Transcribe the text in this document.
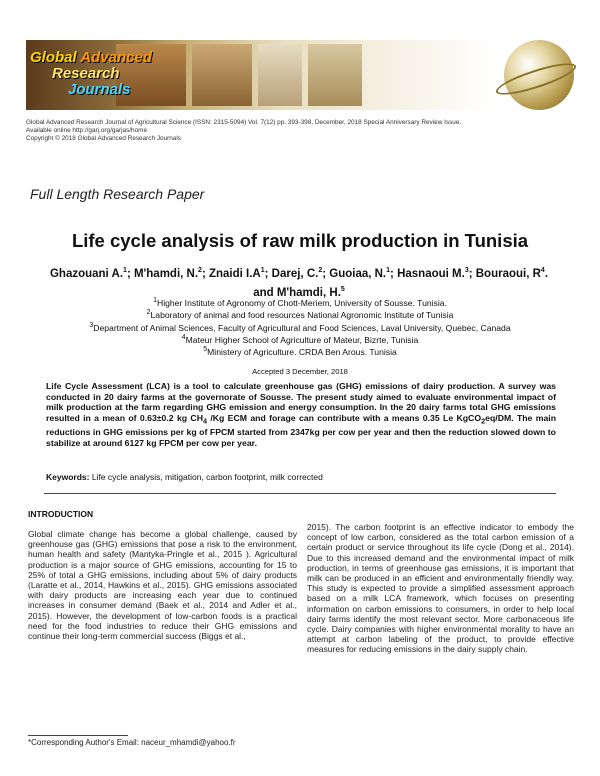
Global Advanced
Research
Journals
Global Advanced Research Journal of Agricultural Science (ISSN: 2315-5094) Vol. 7(12) pp. 393-398, December, 2018 Special Anniversary Review Issue.
Available online http://garj.org/garjas/home
Copyright © 2018 Global Advanced Research Journals
Full Length Research Paper
Life cycle analysis of raw milk production in Tunisia
Ghazouani A.$^1$; M'hamdi, N.$^2$; Znaidi $I.A^1$; Darej, C.$^2$; Guoiaa, N.$^1$; Hasnaoui M.$^3$; Bouraoui, $R^4$.
and M'hamdi, H.$^5$
$^1$Higher Institute of Agronomy of Chott-Meriem, University of Sousse. Tunisia.
$^2$Laboratory of animal and food resources National Agronomic Institute of Tunisia
$^3$Department of Animal Sciences, Faculty of Agricultural and Food Sciences, Laval University, Quebec, Canada
$^4$Mateur Higher School of Agriculture of Mateur, Bizrte, Tunisia
$^5$Ministery of Agriculture. CRDA Ben Arous. Tunisia
Accepted 3 December, 2018
Life Cycle Assessment (LCA) is a tool to calculate greenhouse gas (GHG) emissions of dairy production. A survey was conducted in 20 dairy farms at the governorate of Sousse. The present study aimed to evaluate environmental impact of milk production at the farm regarding GHG emission and energy consumption. In the 20 dairy farms total GHG emissions resulted in a mean of 0.63±0.2 kg $CH_4$ /Kg ECM and forage can contribute with a means 0.35 Le KgCO$_2$eq/DM. The main reductions in GHG emissions per kg of FPCM started from 2347kg per cow per year and then the reduction slowed down to stabilize at around 6127 kg FPCM per cow per year.
Keywords: Life cycle analysis, mitigation, carbon footprint, milk corrected
INTRODUCTION
Global climate change has become a global challenge, caused by greenhouse gas (GHG) emissions that pose a risk to the environment, human health and safety (Mantyka-Pringle et al., 2015 ). Agricultural production is a major source of GHG emissions, accounting for 15 to 25% of total a GHG emissions, including about 5% of dairy products (Laratte et al., 2014, Hawkins et al., 2015). GHG emissions associated with dairy products are increasing each year due to continued increases in consumer demand (Baek et al., 2014 and Adler et al., 2015). However, the development of low-carbon foods is a practical need for the food industries to reduce their GHG emissions and continue their long-term commercial success (Biggs et al.,
2015). The carbon footprint is an effective indicator to embody the concept of low carbon, considered as the total carbon emission of a certain product or service throughout its life cycle (Dong et al., 2014). Due to this increased demand and the environmental impact of milk production, in terms of greenhouse gas emissions, it is important that milk can be produced in an efficient and environmentally friendly way. This study is expected to provide a simplified assessment approach based on a milk LCA framework, which focuses on presenting information on carbon emissions to consumers, in order to help local dairy farms identify the most relevant sector. More carbonaceous life cycle. Dairy companies with higher environmental morality to have an attempt at carbon labeling of the product, to provide effective measures for reducing emissions in the dairy supply chain.
*Corresponding Author's Email: naceur_mhamdi@yahoo.fr
